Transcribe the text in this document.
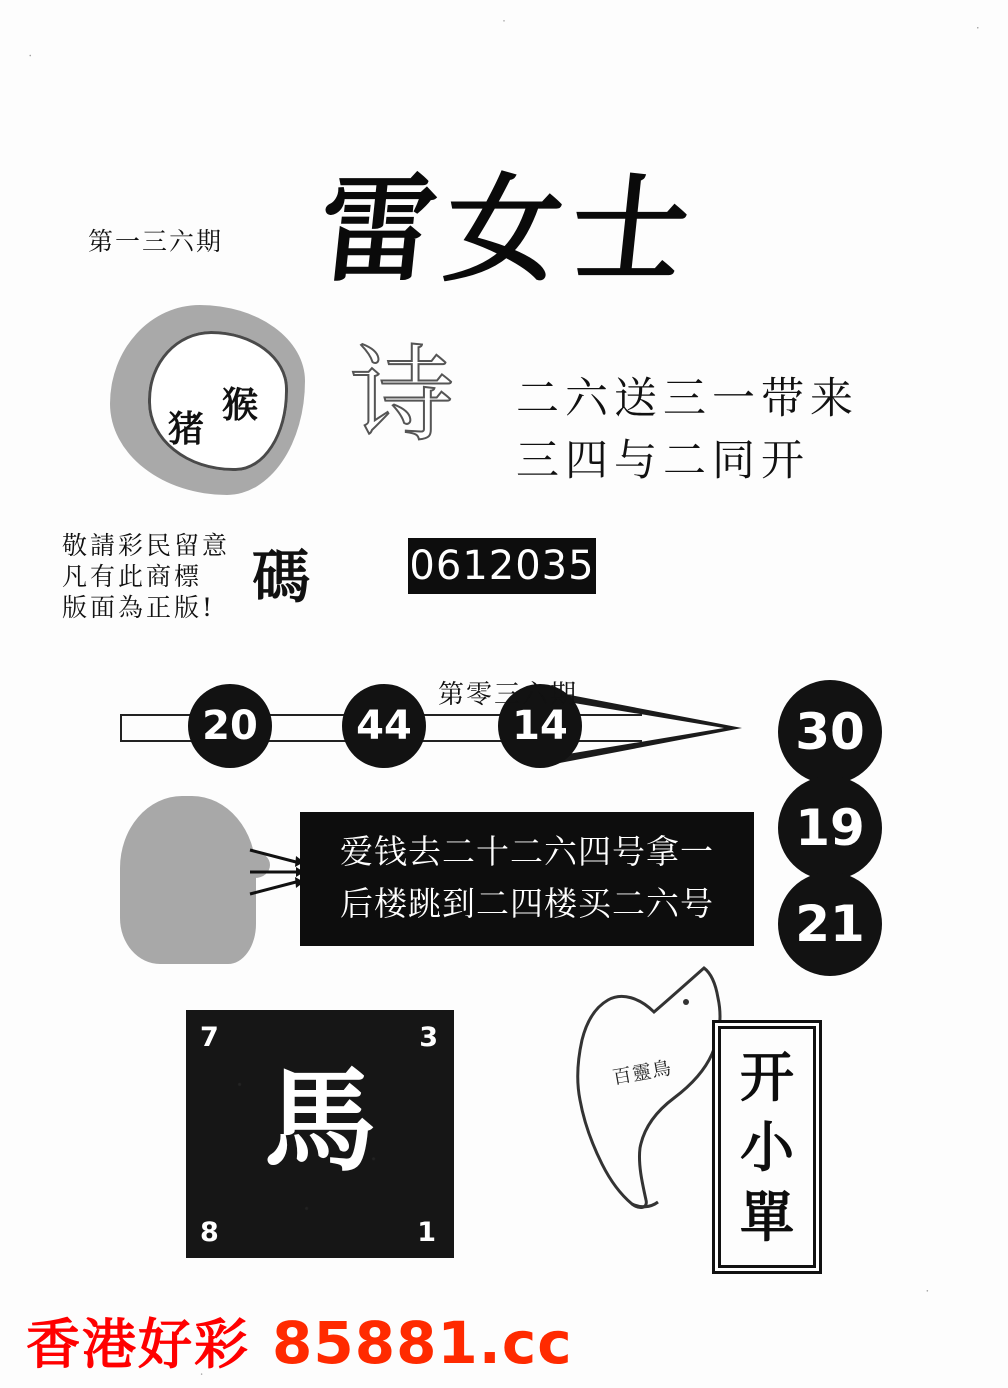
第一三六期 雷女士
猪
猴 诗 二六送三一带来
三四与二同开
敬請彩民留意
凡有此商標
版面為正版! 碼 0612035
20	44	14
第零三六期
30
19
21
爱钱去二十二六四号拿一
后楼跳到二四楼买二六号
7	3
8	1
馬	百靈鳥 开
小
單
香港好彩 85881.cc
